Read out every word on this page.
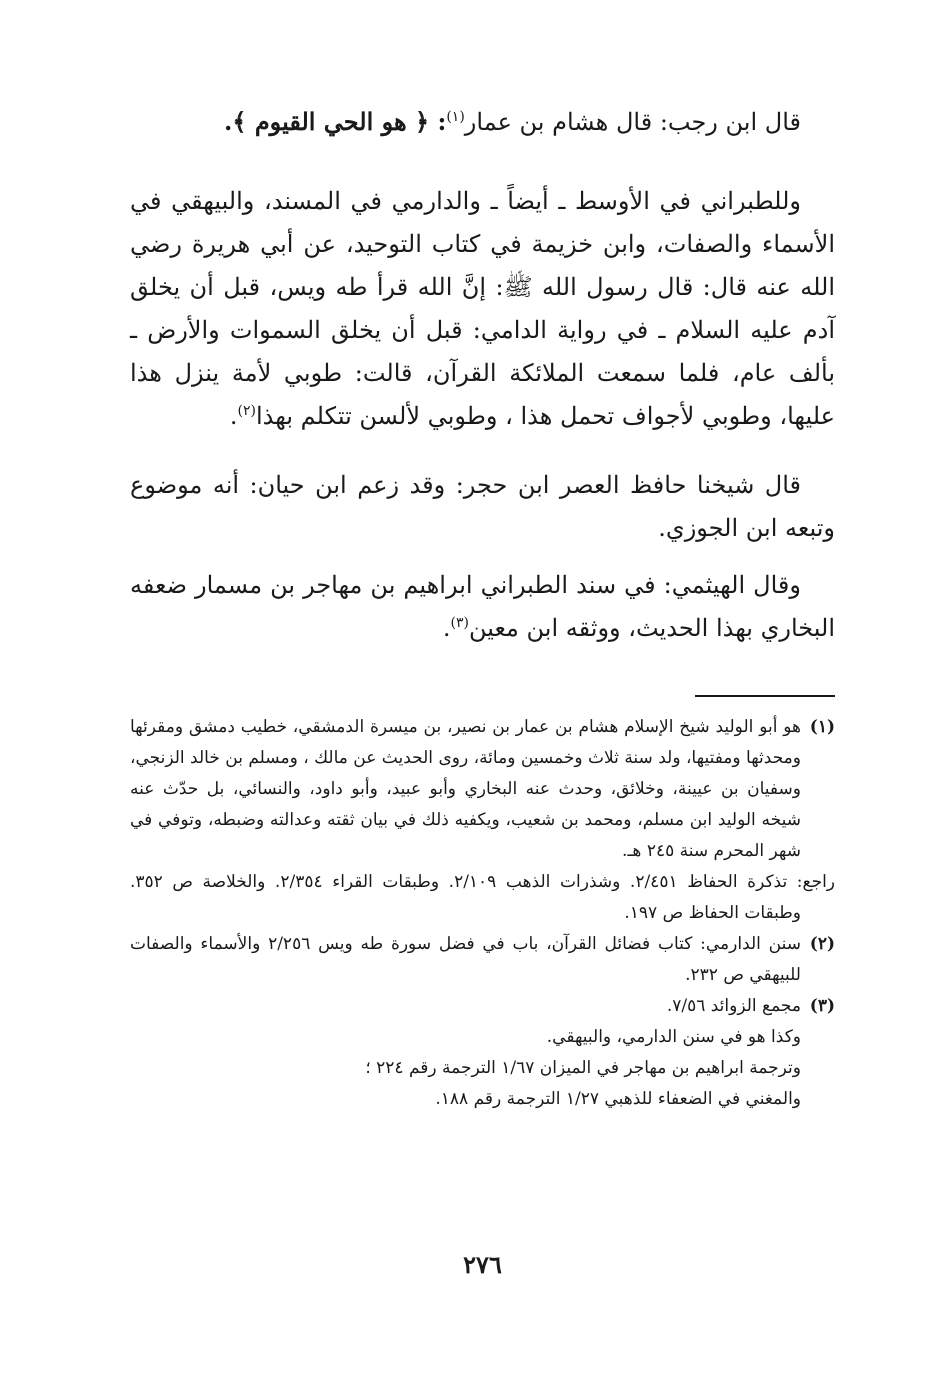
قال ابن رجب: قال هشام بن عمار$^{(١)}$: ﴿ هو الحي القيوم ﴾.

وللطبراني في الأوسط ـ أيضاً ـ والدارمي في المسند، والبيهقي في الأسماء والصفات، وابن خزيمة في كتاب التوحيد، عن أبي هريرة رضي الله عنه قال: قال رسول الله ﷺ: إنَّ الله قرأ طه ويس، قبل أن يخلق آدم عليه السلام ـ في رواية الدامي: قبل أن يخلق السموات والأرض ـ بألف عام، فلما سمعت الملائكة القرآن، قالت: طوبي لأمة ينزل هذا عليها، وطوبي لأجواف تحمل هذا ، وطوبي لألسن تتكلم بهذا$^{(٢)}$.

قال شيخنا حافظ العصر ابن حجر: وقد زعم ابن حيان: أنه موضوع وتبعه ابن الجوزي.

وقال الهيثمي: في سند الطبراني ابراهيم بن مهاجر بن مسمار ضعفه البخاري بهذا الحديث، ووثقه ابن معين$^{(٣)}$.

(١)
هو أبو الوليد شيخ الإسلام هشام بن عمار بن نصير، بن ميسرة الدمشقي، خطيب دمشق ومقرئها ومحدثها ومفتيها، ولد سنة ثلاث وخمسين ومائة، روى الحديث عن مالك ، ومسلم بن خالد الزنجي، وسفيان بن عيينة، وخلائق، وحدث عنه البخاري وأبو عبيد، وأبو داود، والنسائي، بل حدّث عنه شيخه الوليد ابن مسلم، ومحمد بن شعيب، ويكفيه ذلك في بيان ثقته وعدالته وضبطه، وتوفي في شهر المحرم سنة ٢٤٥ هـ.

راجع: تذكرة الحفاظ ٢/٤٥١. وشذرات الذهب ٢/١٠٩. وطبقات القراء ٢/٣٥٤. والخلاصة ص ٣٥٢. وطبقات الحفاظ ص ١٩٧.

(٢)
سنن الدارمي: كتاب فضائل القرآن، باب في فضل سورة طه ويس ٢/٢٥٦ والأسماء والصفات للبيهقي ص ٢٣٢.

(٣)
مجمع الزوائد ٧/٥٦.

وكذا هو في سنن الدارمي، والبيهقي.

وترجمة ابراهيم بن مهاجر في الميزان ١/٦٧ الترجمة رقم ٢٢٤ ؛

والمغني في الضعفاء للذهبي ١/٢٧ الترجمة رقم ١٨٨.

٢٧٦
